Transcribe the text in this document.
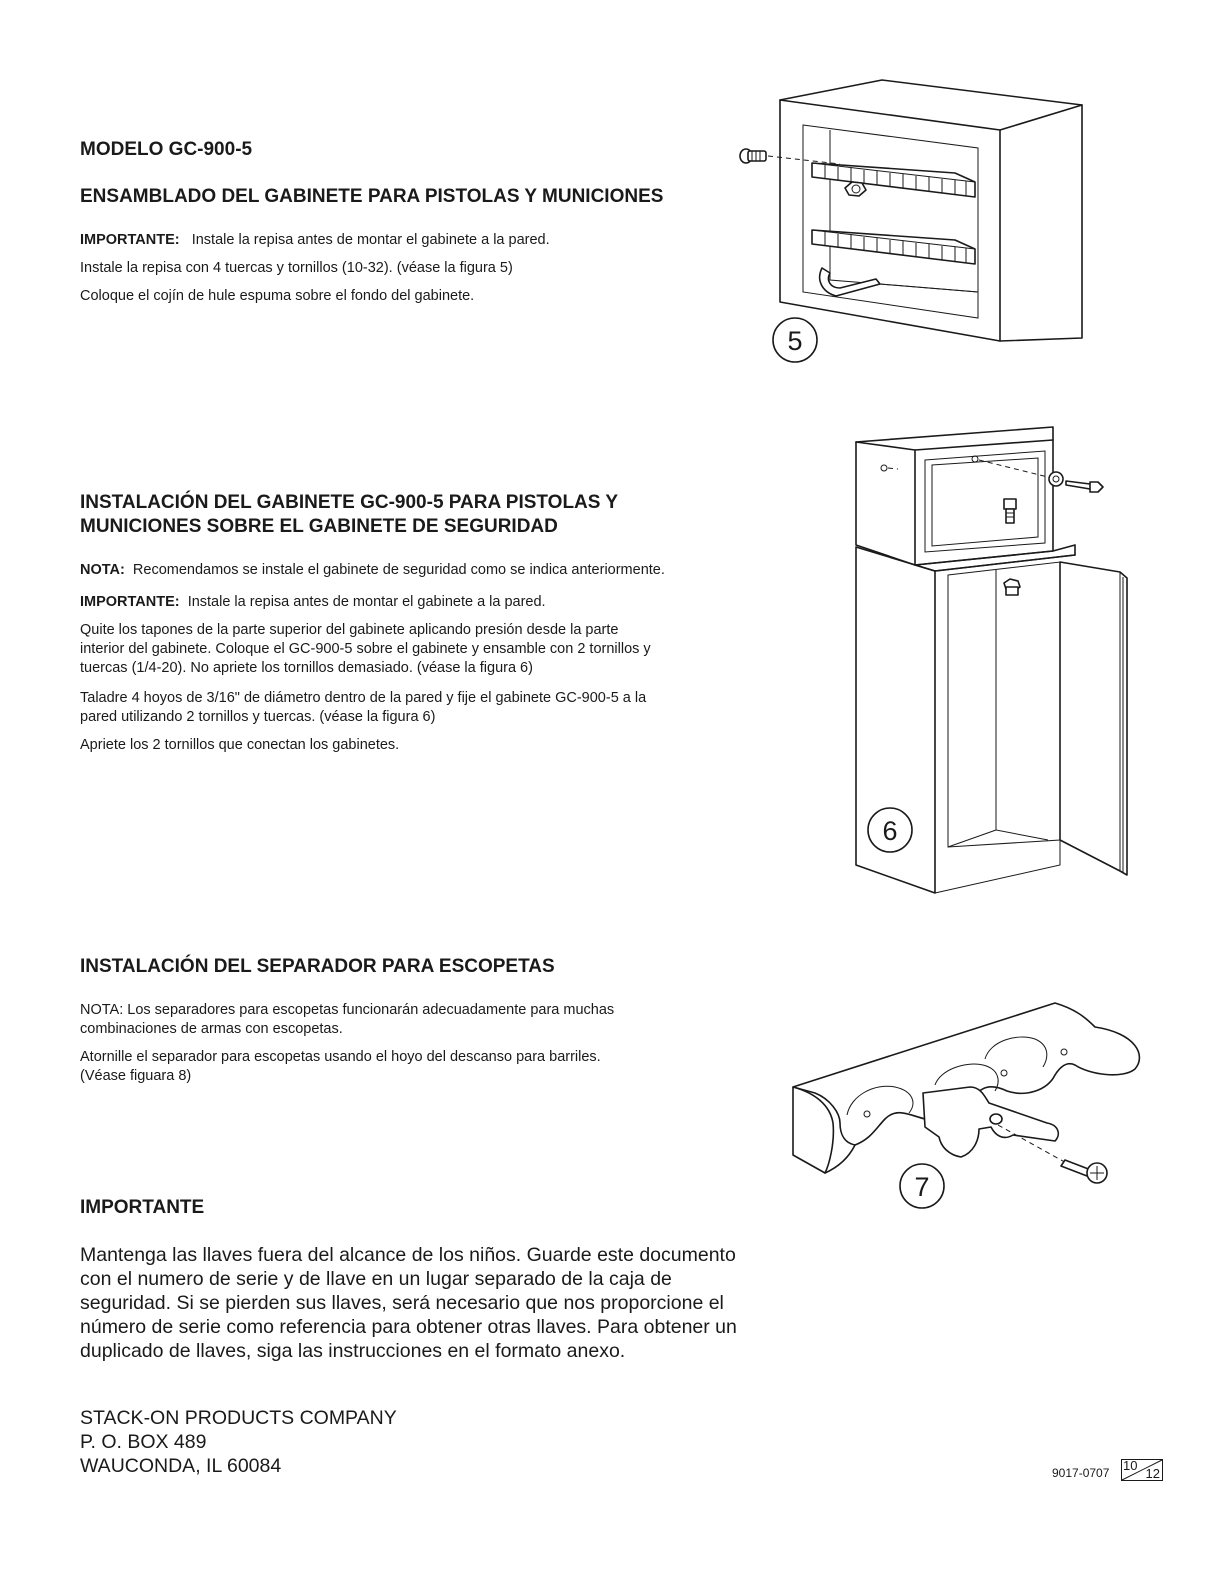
MODELO GC-900-5

ENSAMBLADO DEL GABINETE PARA PISTOLAS Y MUNICIONES

IMPORTANTE: Instale la repisa antes de montar el gabinete a la pared.

Instale la repisa con 4 tuercas y tornillos (10-32). (véase la figura 5)

Coloque el cojín de hule espuma sobre el fondo del gabinete.

5

INSTALACIÓN DEL GABINETE GC-900-5 PARA PISTOLAS Y

MUNICIONES SOBRE EL GABINETE DE SEGURIDAD

NOTA: Recomendamos se instale el gabinete de seguridad como se indica anteriormente.

IMPORTANTE: Instale la repisa antes de montar el gabinete a la pared.

Quite los tapones de la parte superior del gabinete aplicando presión desde la parte

interior del gabinete. Coloque el GC-900-5 sobre el gabinete y ensamble con 2 tornillos y

tuercas (1/4-20). No apriete los tornillos demasiado. (véase la figura 6)

Taladre 4 hoyos de 3/16" de diámetro dentro de la pared y fije el gabinete GC-900-5 a la

pared utilizando 2 tornillos y tuercas. (véase la figura 6)

Apriete los 2 tornillos que conectan los gabinetes.

6

INSTALACIÓN DEL SEPARADOR PARA ESCOPETAS

NOTA: Los separadores para escopetas funcionarán adecuadamente para muchas

combinaciones de armas con escopetas.

Atornille el separador para escopetas usando el hoyo del descanso para barriles.

(Véase figuara 8)

7

IMPORTANTE

Mantenga las llaves fuera del alcance de los niños. Guarde este documento

con el numero de serie y de llave en un lugar separado de la caja de

seguridad. Si se pierden sus llaves, será necesario que nos proporcione el

número de serie como referencia para obtener otras llaves. Para obtener un

duplicado de llaves, siga las instrucciones en el formato anexo.

STACK-ON PRODUCTS COMPANY

P. O. BOX 489

WAUCONDA, IL 60084	9017-0707 10
12
